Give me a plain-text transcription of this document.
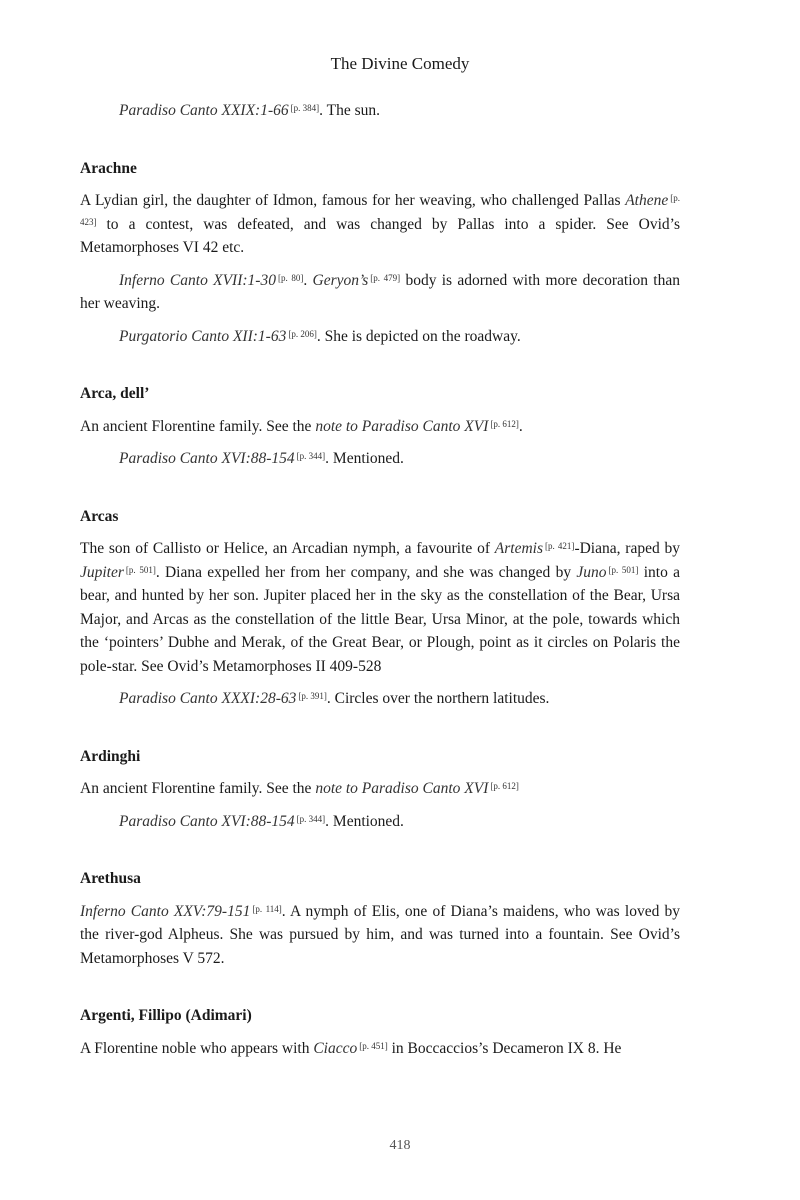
The Divine Comedy

Paradiso Canto XXIX:1-66 [p. 384]. The sun.

Arachne

A Lydian girl, the daughter of Idmon, famous for her weaving, who challenged Pallas Athene [p. 423] to a contest, was defeated, and was changed by Pallas into a spider. See Ovid’s Metamorphoses VI 42 etc.

Inferno Canto XVII:1-30 [p. 80]. Geryon’s [p. 479] body is adorned with more decoration than her weaving.

Purgatorio Canto XII:1-63 [p. 206]. She is depicted on the roadway.

Arca, dell’

An ancient Florentine family. See the note to Paradiso Canto XVI [p. 612].

Paradiso Canto XVI:88-154 [p. 344]. Mentioned.

Arcas

The son of Callisto or Helice, an Arcadian nymph, a favourite of Artemis [p. 421]-Diana, raped by Jupiter [p. 501]. Diana expelled her from her company, and she was changed by Juno [p. 501] into a bear, and hunted by her son. Jupiter placed her in the sky as the constellation of the Bear, Ursa Major, and Arcas as the constellation of the little Bear, Ursa Minor, at the pole, towards which the ‘pointers’ Dubhe and Merak, of the Great Bear, or Plough, point as it circles on Polaris the pole-star. See Ovid’s Metamorphoses II 409-528

Paradiso Canto XXXI:28-63 [p. 391]. Circles over the northern latitudes.

Ardinghi

An ancient Florentine family. See the note to Paradiso Canto XVI [p. 612]

Paradiso Canto XVI:88-154 [p. 344]. Mentioned.

Arethusa

Inferno Canto XXV:79-151 [p. 114]. A nymph of Elis, one of Diana’s maidens, who was loved by the river-god Alpheus. She was pursued by him, and was turned into a fountain. See Ovid’s Metamorphoses V 572.

Argenti, Fillipo (Adimari)

A Florentine noble who appears with Ciacco [p. 451] in Boccaccios’s Decameron IX 8. He

418
